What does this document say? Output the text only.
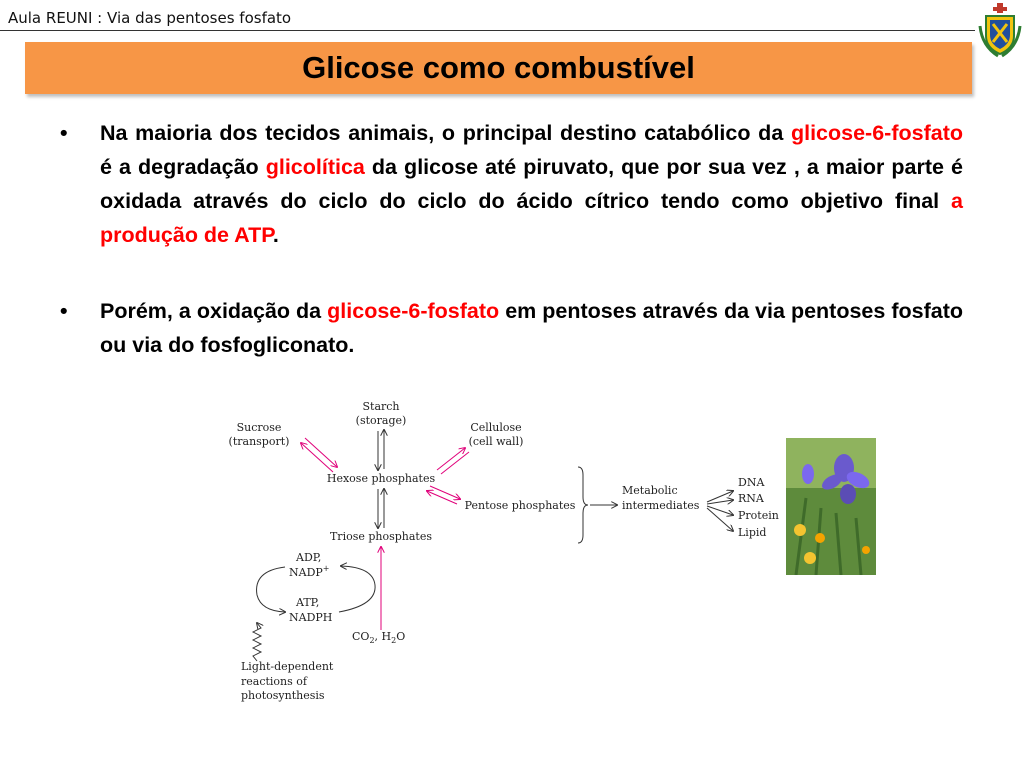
Aula REUNI : Via das pentoses fosfato
Glicose como combustível
• Na maioria dos tecidos animais, o principal destino catabólico da glicose-6-fosfato é a degradação glicolítica da glicose até piruvato, que por sua vez , a maior parte é oxidada através do ciclo do ciclo do ácido cítrico tendo como objetivo final a produção de ATP.
• Porém, a oxidação da glicose-6-fosfato em pentoses através da via pentoses fosfato ou via do fosfogliconato.
Starch
(storage)
Sucrose
(transport)
Cellulose
(cell wall)
Hexose phosphates
Pentose phosphates
Triose phosphates
Metabolic
intermediates
DNA
RNA
Protein
Lipid
ADP,
NADP+
ATP,
NADPH
$CO_2$, $H_2O$
Light-dependent
reactions of
photosynthesis
